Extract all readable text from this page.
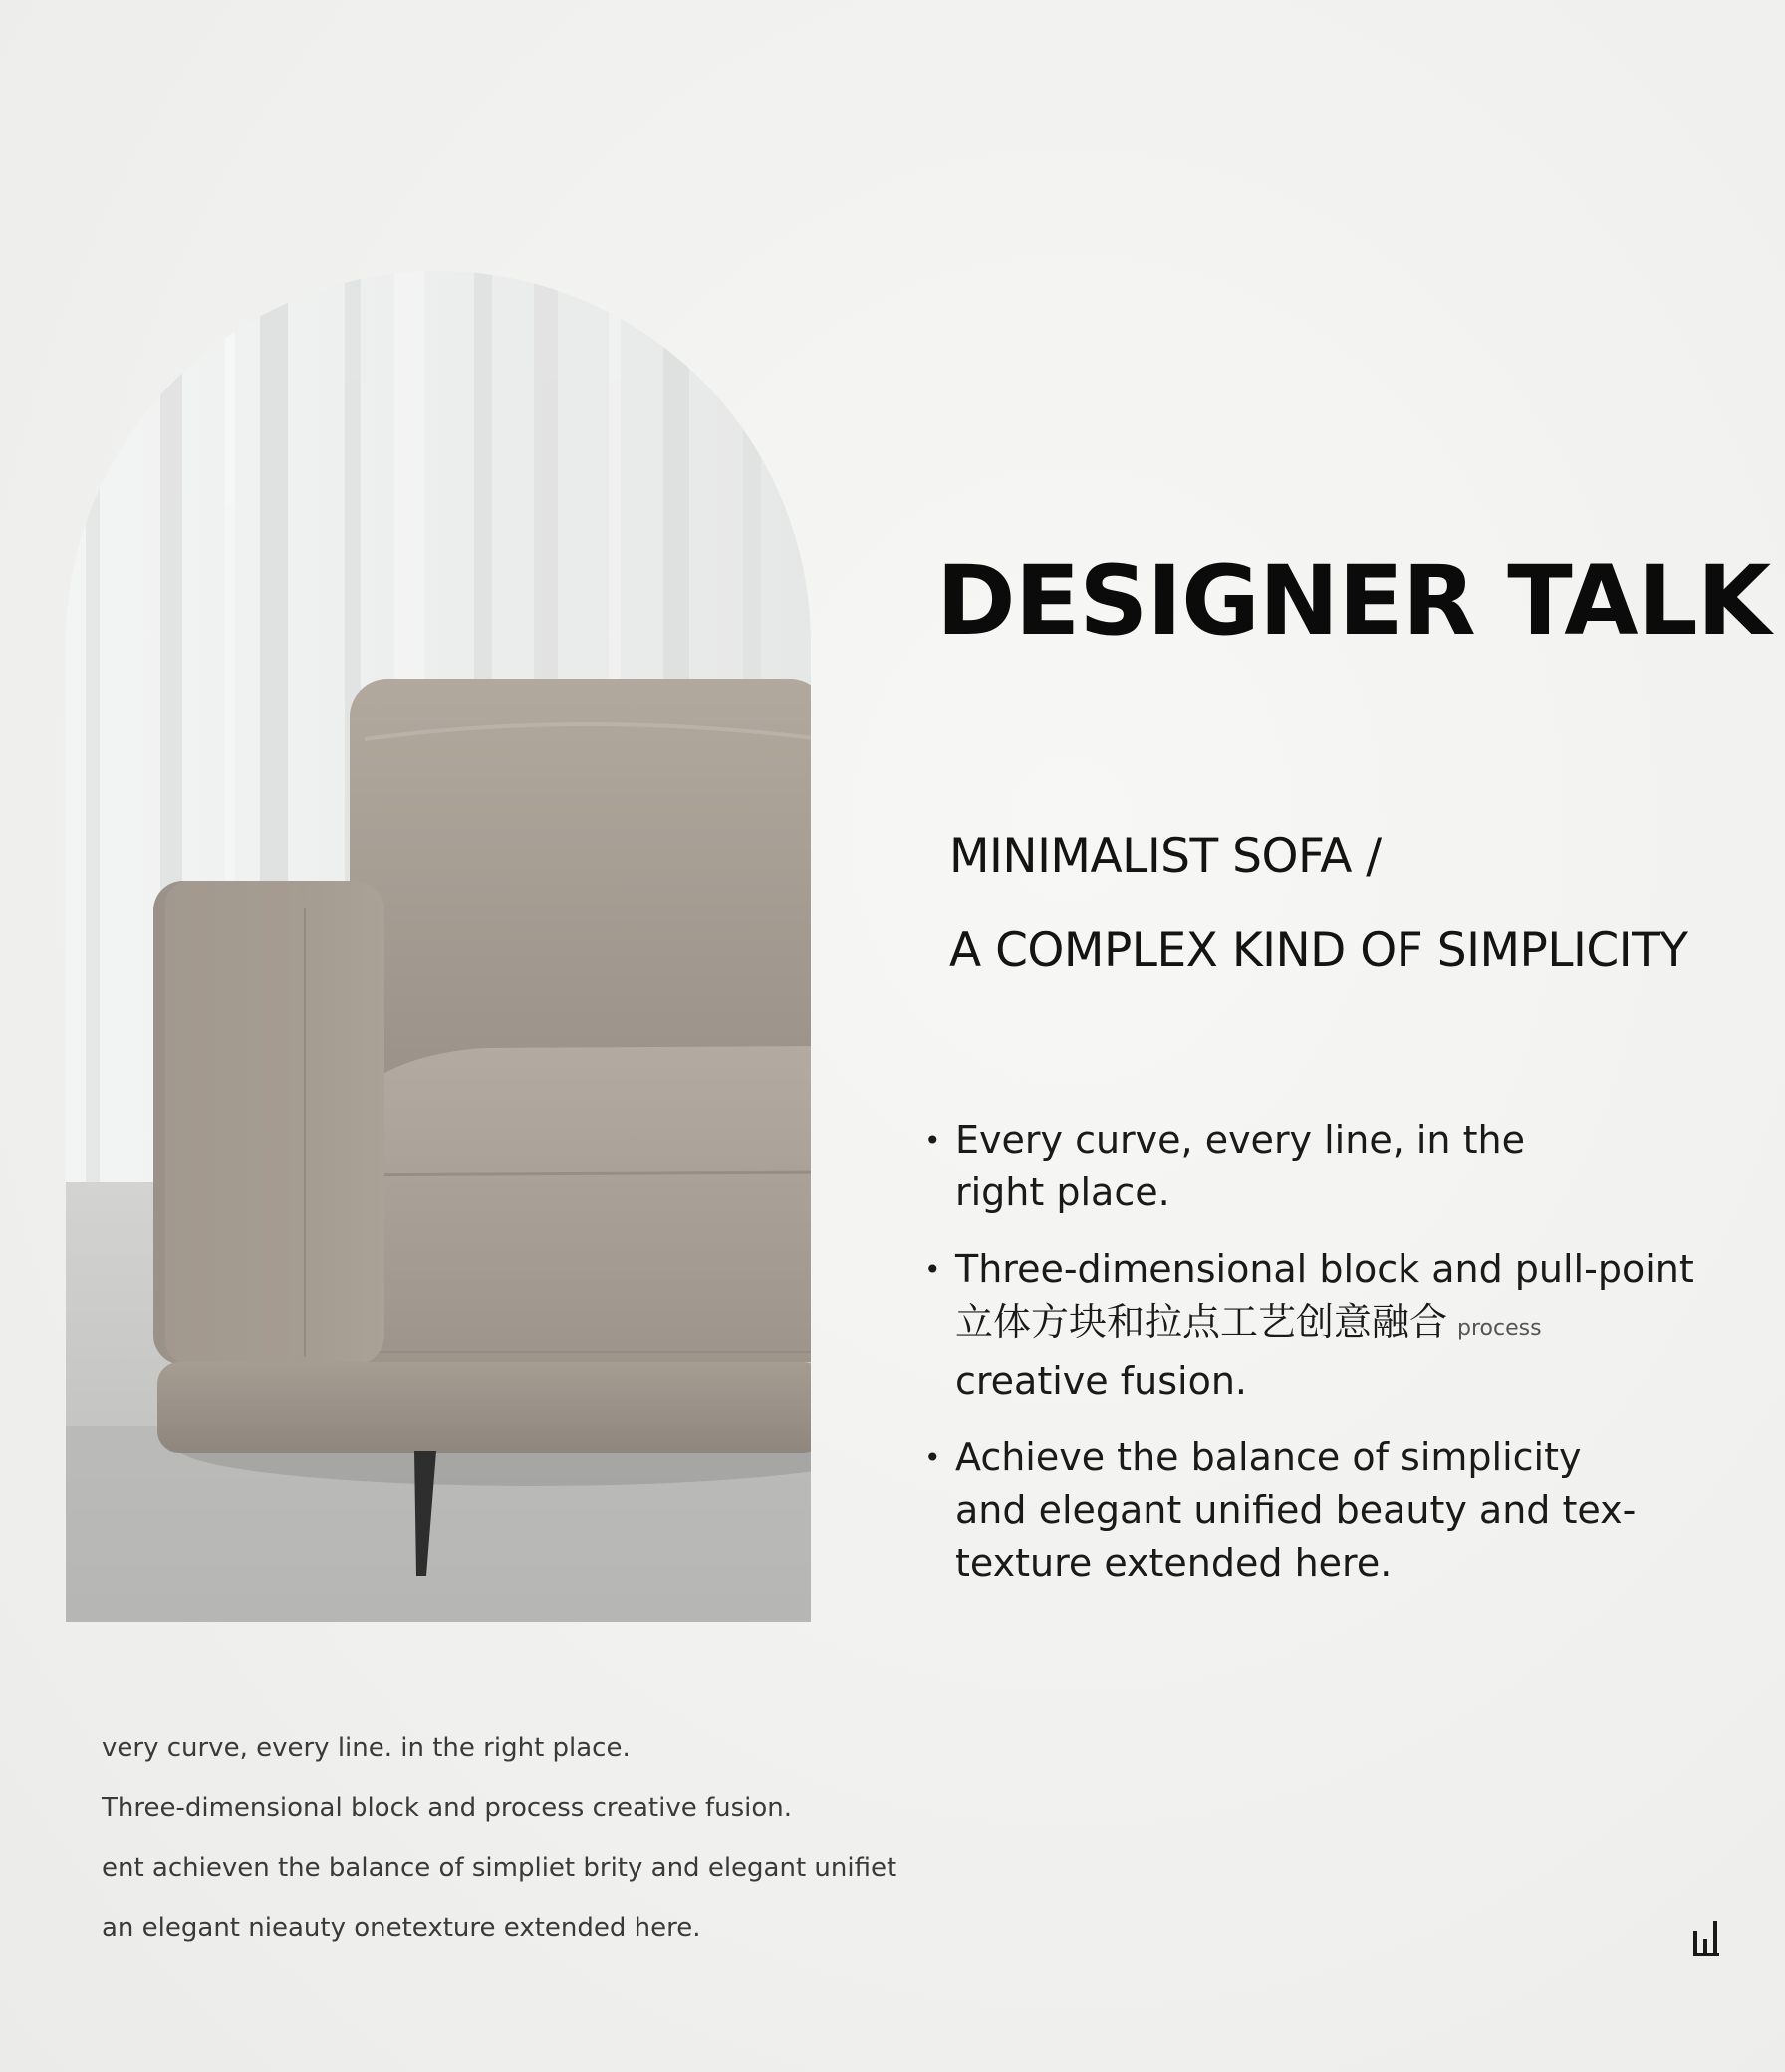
DESIGNER TALK

MINIMALIST SOFA /

A COMPLEX KIND OF SIMPLICITY

• Every curve, every line, in the
right place.
• Three-dimensional block and pull-point
立体方块和拉点工艺创意融合 process
creative fusion.
• Achieve the balance of simplicity
and elegant unified beauty and tex-
texture extended here.
very curve, every line. in the right place.
Three-dimensional block and process creative fusion.
ent achieven the balance of simpliet brity and elegant unifiet
an elegant nieauty onetexture extended here.
